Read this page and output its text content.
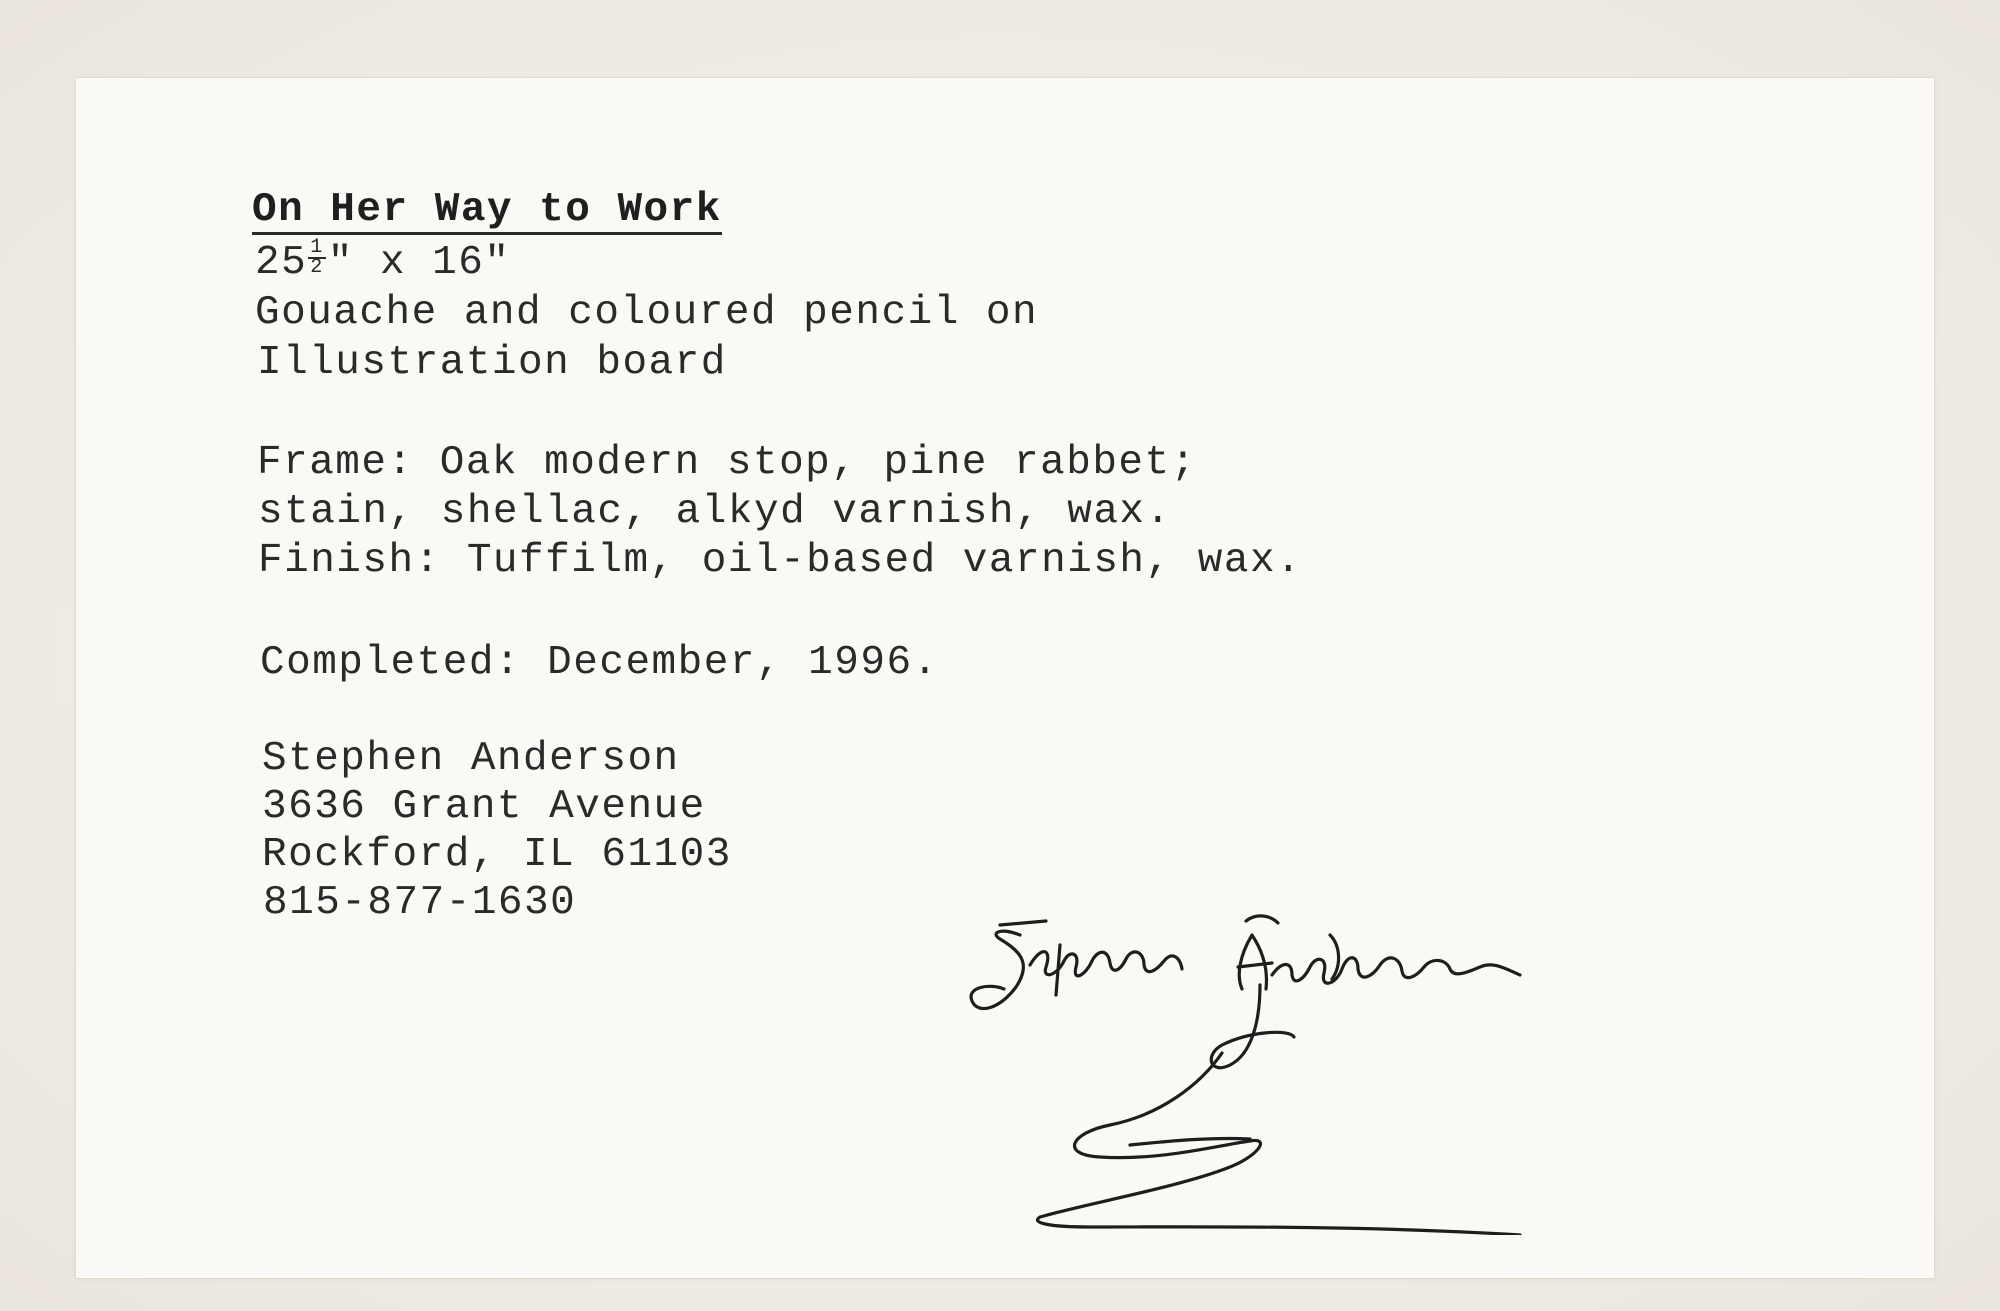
On Her Way to Work
$25 \frac{1}{2}$ " x 16"
Gouache and coloured pencil on
Illustration board
Frame: Oak modern stop, pine rabbet;
stain, shellac, alkyd varnish, wax.
Finish: Tuffilm, oil-based varnish, wax.
Completed: December, 1996.
Stephen Anderson
3636 Grant Avenue
Rockford, IL 61103
815-877-1630
